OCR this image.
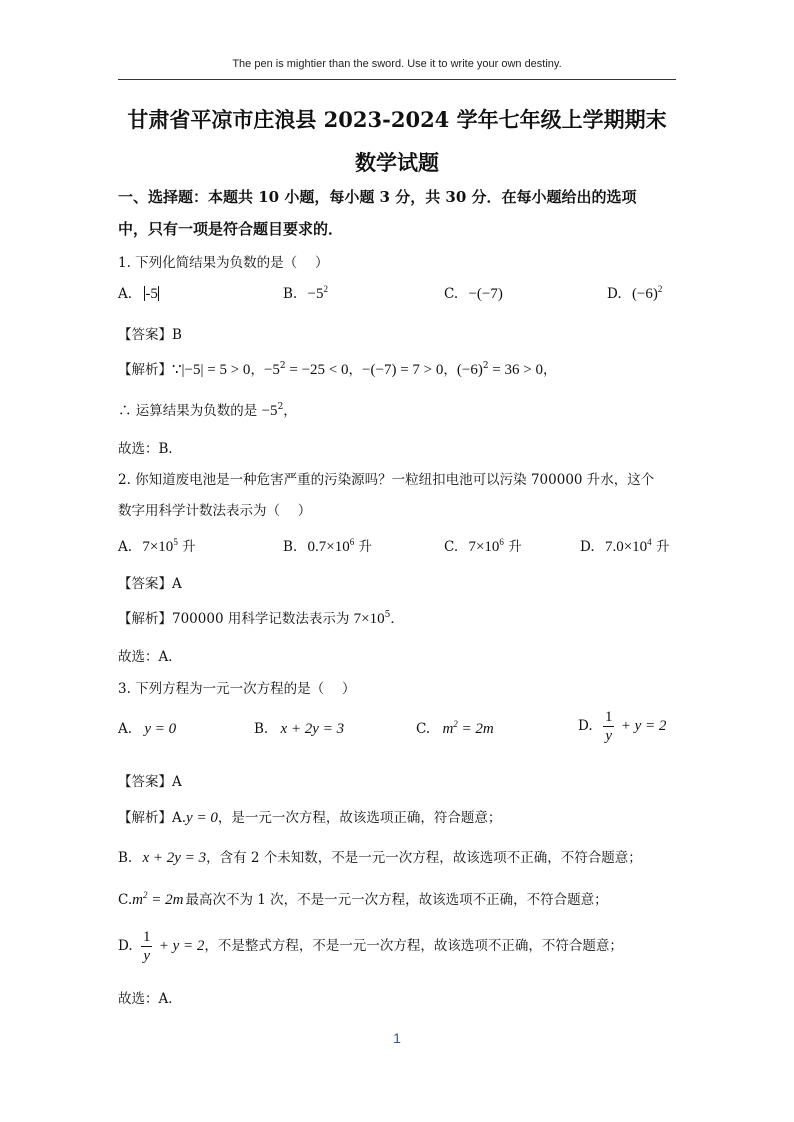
The pen is mightier than the sword. Use it to write your own destiny.
甘肃省平凉市庄浪县 2023-2024 学年七年级上学期期末
数学试题
一、选择题：本题共 10 小题，每小题 3 分，共 30 分．在每小题给出的选项
中，只有一项是符合题目要求的．
1. 下列化简结果为负数的是（　 ）
A. -5	B. $-5^2$	C. −(−7)	D. $(-6)^2$
【答案】B
【解析】∵|−5| = 5 > 0，$-5^2 = -25 < 0$，−(−7) = 7 > 0，$(-6)^2 = 36 > 0$，
∴ 运算结果为负数的是 $-5^2$，
故选：B．
2. 你知道废电池是一种危害严重的污染源吗？一粒纽扣电池可以污染 700000 升水，这个
数字用科学计数法表示为（　 ）
A. $7\times 10^5$ 升	B. $0.7\times 10^6$ 升	C. $7\times 10^6$ 升	D. $7.0\times 10^4$ 升
【答案】A
【解析】700000 用科学记数法表示为 $7\times 10^5$．
故选：A．
3. 下列方程为一元一次方程的是（　 ）
A. y = 0	B. x + 2y = 3	C. $m^2 = 2m$	D. $\frac{1}{y} + y = 2$
【答案】A
【解析】A.y = 0，是一元一次方程，故该选项正确，符合题意；
B. x + 2y = 3，含有 2 个未知数，不是一元一次方程，故该选项不正确，不符合题意；
$C.m^2 = 2m$ 最高次不为 1 次，不是一元一次方程，故该选项不正确，不符合题意；
D. $\frac{1}{y} + y = 2$，不是整式方程，不是一元一次方程，故该选项不正确，不符合题意；
故选：A．
1
